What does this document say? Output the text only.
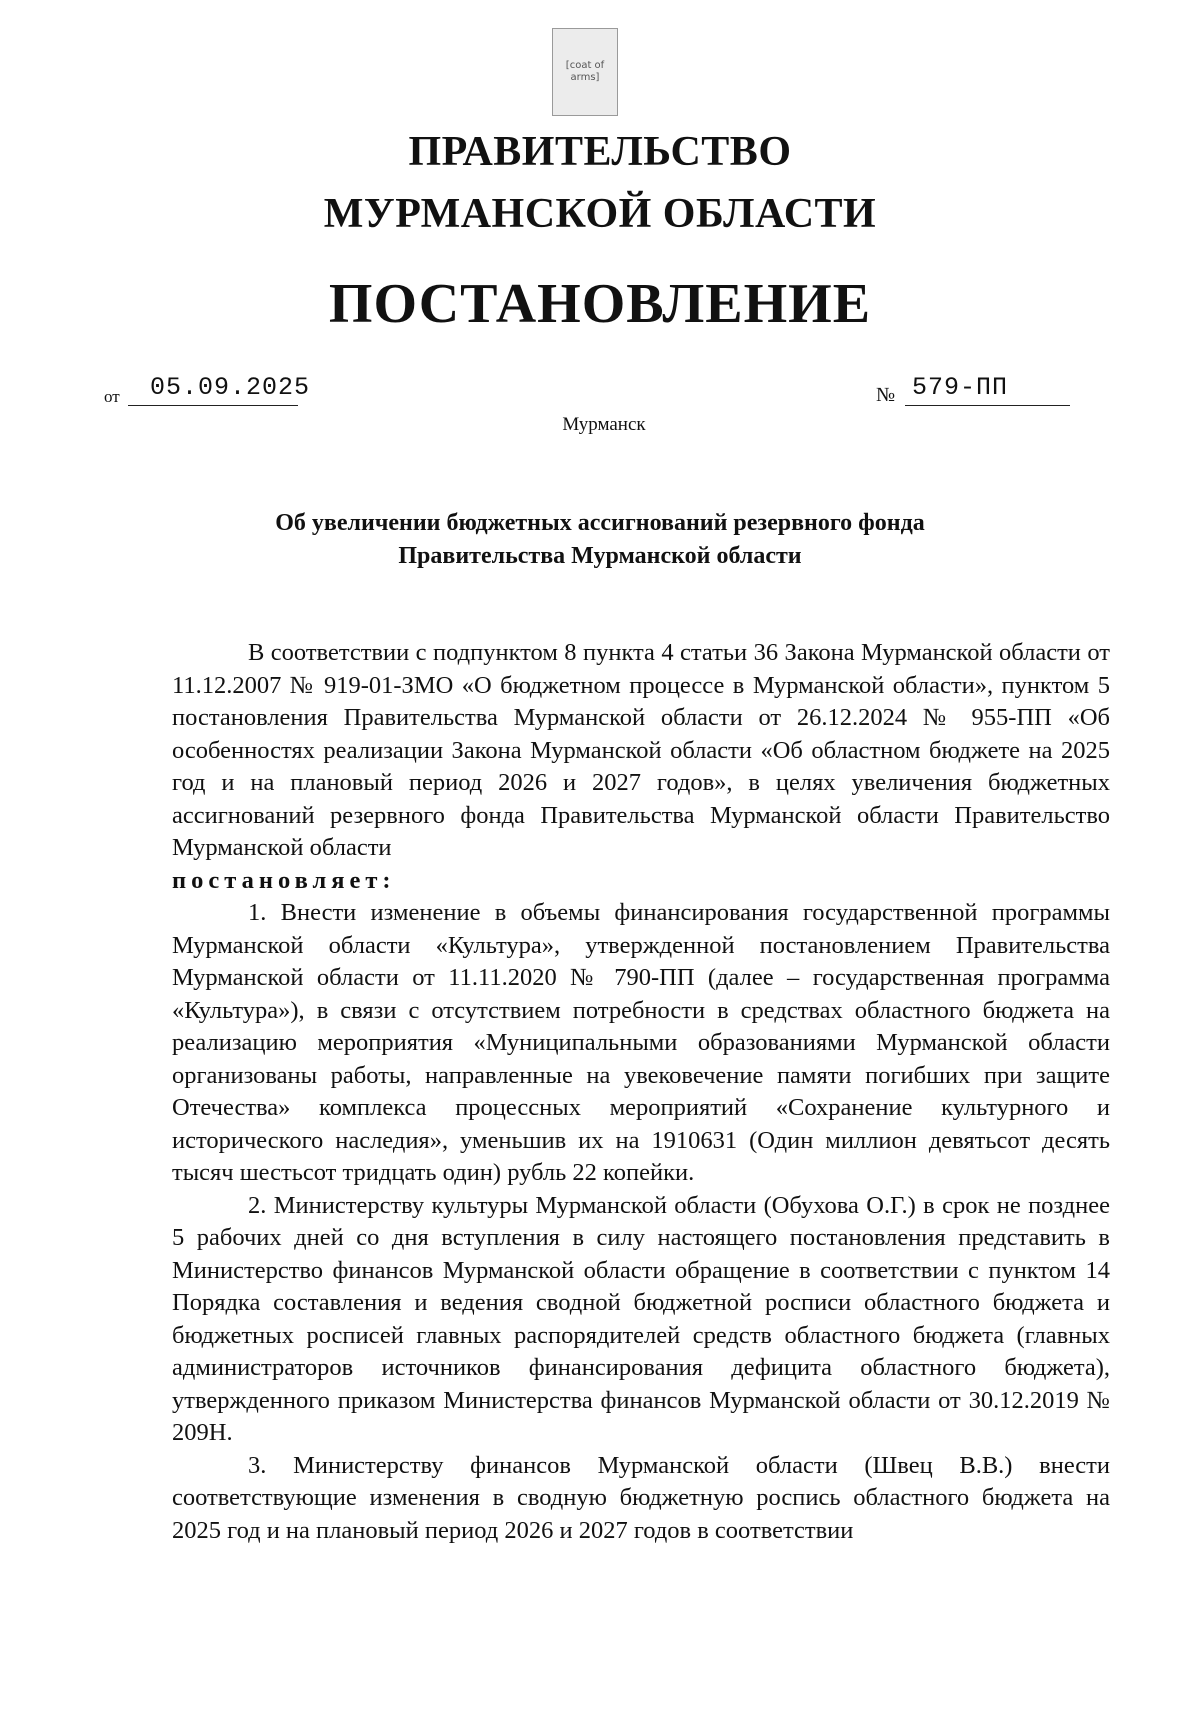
[coat of arms]
ПРАВИТЕЛЬСТВО
МУРМАНСКОЙ ОБЛАСТИ
ПОСТАНОВЛЕНИЕ
от 05.09.2025	№ 579-ПП
Мурманск
Об увеличении бюджетных ассигнований резервного фонда
Правительства Мурманской области

В соответствии с подпунктом 8 пункта 4 статьи 36 Закона Мурманской области от 11.12.2007 № 919-01-ЗМО «О бюджетном процессе в Мурманской области», пунктом 5 постановления Правительства Мурманской области от 26.12.2024 № 955-ПП «Об особенностях реализации Закона Мурманской области «Об областном бюджете на 2025 год и на плановый период 2026 и 2027 годов», в целях увеличения бюджетных ассигнований резервного фонда Правительства Мурманской области Правительство Мурманской области

постановляет:

1. Внести изменение в объемы финансирования государственной программы Мурманской области «Культура», утвержденной постановлением Правительства Мурманской области от 11.11.2020 № 790-ПП (далее – государственная программа «Культура»), в связи с отсутствием потребности в средствах областного бюджета на реализацию мероприятия «Муниципальными образованиями Мурманской области организованы работы, направленные на увековечение памяти погибших при защите Отечества» комплекса процессных мероприятий «Сохранение культурного и исторического наследия», уменьшив их на 1910631 (Один миллион девятьсот десять тысяч шестьсот тридцать один) рубль 22 копейки.

2. Министерству культуры Мурманской области (Обухова О.Г.) в срок не позднее 5 рабочих дней со дня вступления в силу настоящего постановления представить в Министерство финансов Мурманской области обращение в соответствии с пунктом 14 Порядка составления и ведения сводной бюджетной росписи областного бюджета и бюджетных росписей главных распорядителей средств областного бюджета (главных администраторов источников финансирования дефицита областного бюджета), утвержденного приказом Министерства финансов Мурманской области от 30.12.2019 № 209Н.

3. Министерству финансов Мурманской области (Швец В.В.) внести соответствующие изменения в сводную бюджетную роспись областного бюджета на 2025 год и на плановый период 2026 и 2027 годов в соответствии
